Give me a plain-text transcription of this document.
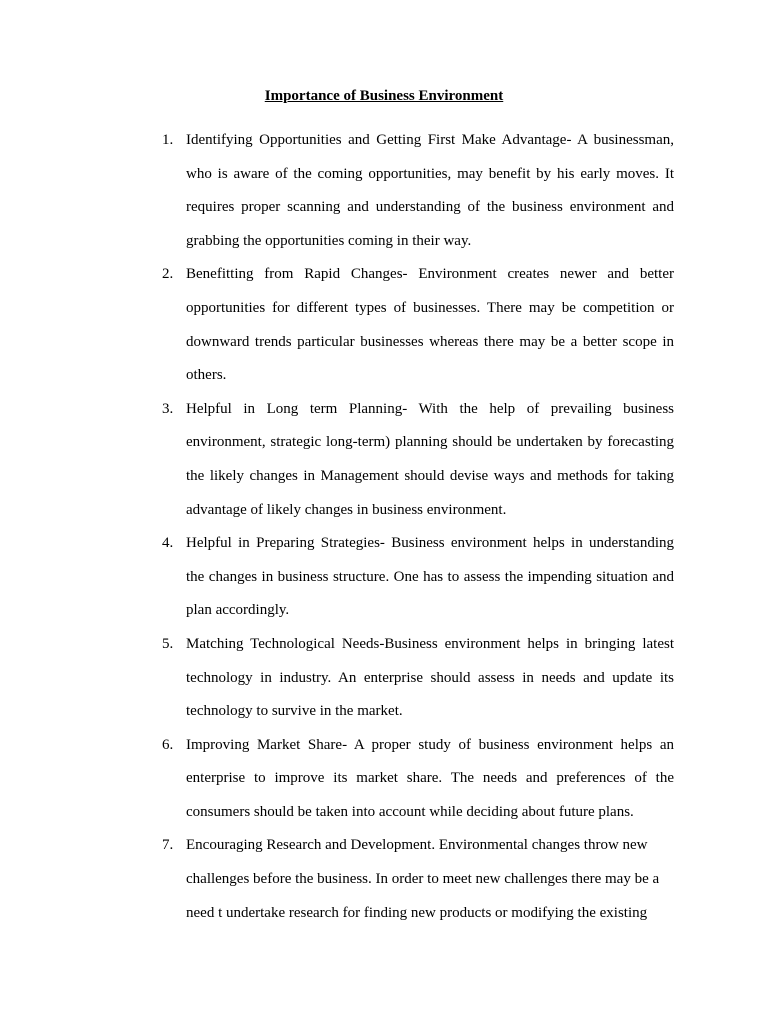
Importance of Business Environment
1. Identifying Opportunities and Getting First Make Advantage- A businessman, who is aware of the coming opportunities, may benefit by his early moves. It requires proper scanning and understanding of the business environment and grabbing the opportunities coming in their way.
2. Benefitting from Rapid Changes- Environment creates newer and better opportunities for different types of businesses. There may be competition or downward trends particular businesses whereas there may be a better scope in others.
3. Helpful in Long term Planning- With the help of prevailing business environment, strategic long-term) planning should be undertaken by forecasting the likely changes in Management should devise ways and methods for taking advantage of likely changes in business environment.
4. Helpful in Preparing Strategies- Business environment helps in understanding the changes in business structure. One has to assess the impending situation and plan accordingly.
5. Matching Technological Needs-Business environment helps in bringing latest technology in industry. An enterprise should assess in needs and update its technology to survive in the market.
6. Improving Market Share- A proper study of business environment helps an enterprise to improve its market share. The needs and preferences of the consumers should be taken into account while deciding about future plans.
7. Encouraging Research and Development. Environmental changes throw new challenges before the business. In order to meet new challenges there may be a need t undertake research for finding new products or modifying the existing
